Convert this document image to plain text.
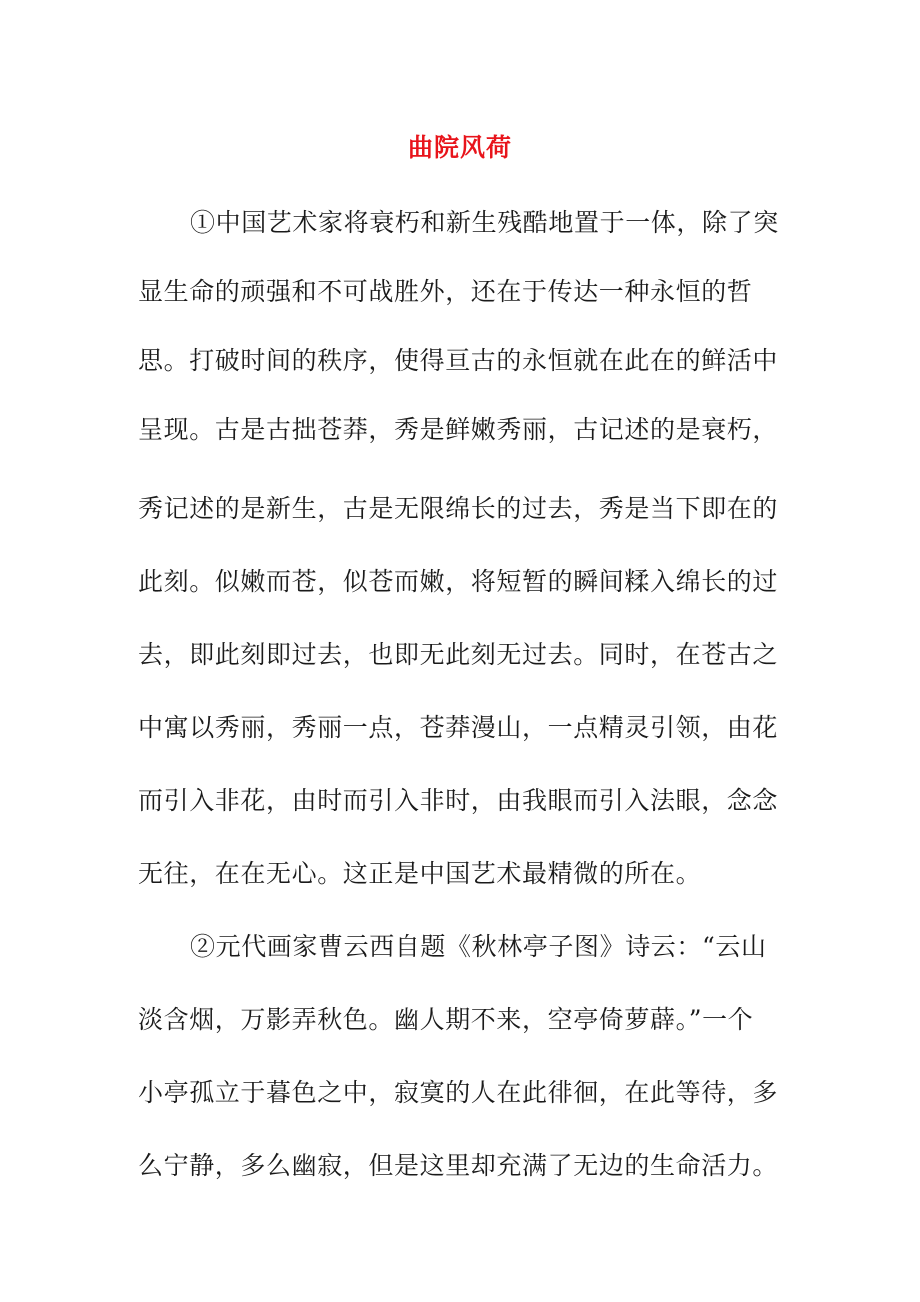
曲院风荷
①中国艺术家将衰朽和新生残酷地置于一体，除了突
显生命的顽强和不可战胜外，还在于传达一种永恒的哲
思。打破时间的秩序，使得亘古的永恒就在此在的鲜活中
呈现。古是古拙苍莽，秀是鲜嫩秀丽，古记述的是衰朽，
秀记述的是新生，古是无限绵长的过去，秀是当下即在的
此刻。似嫩而苍，似苍而嫩，将短暂的瞬间糅入绵长的过
去，即此刻即过去，也即无此刻无过去。同时，在苍古之
中寓以秀丽，秀丽一点，苍莽漫山，一点精灵引领，由花
而引入非花，由时而引入非时，由我眼而引入法眼，念念
无往，在在无心。这正是中国艺术最精微的所在。
②元代画家曹云西自题《秋林亭子图》诗云：“云山
淡含烟，万影弄秋色。幽人期不来，空亭倚萝薜。”一个
小亭孤立于暮色之中，寂寞的人在此徘徊，在此等待，多
么宁静，多么幽寂，但是这里却充满了无边的生命活力。
